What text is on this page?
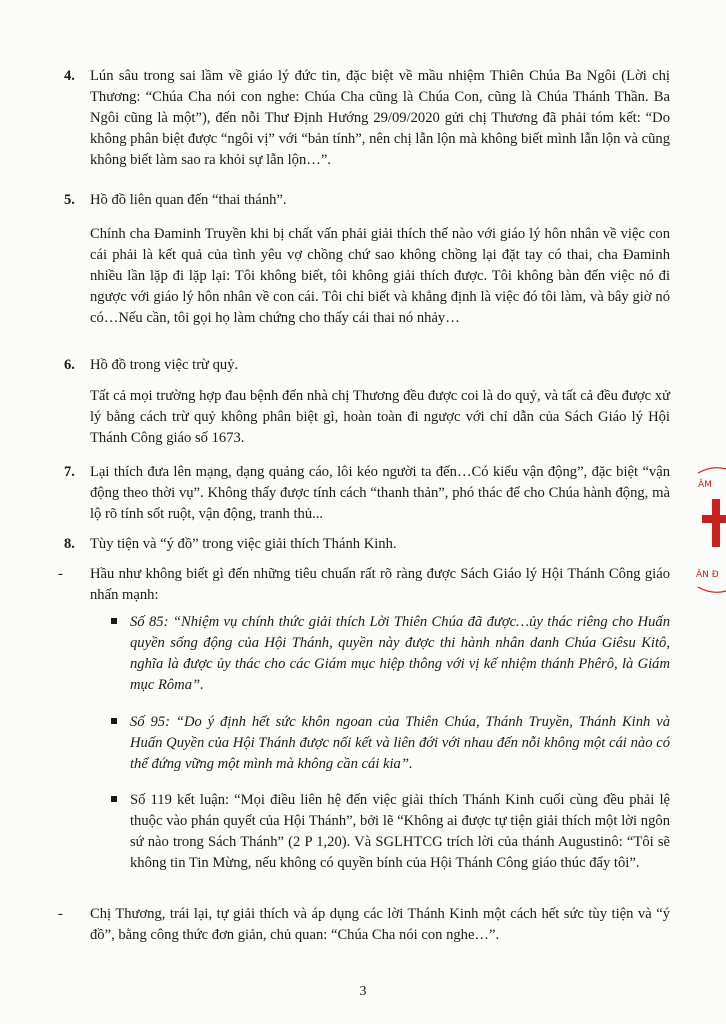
4.	Lún sâu trong sai lầm về giáo lý đức tin, đặc biệt về mầu nhiệm Thiên Chúa Ba Ngôi (Lời chị Thương: “Chúa Cha nói con nghe: Chúa Cha cũng là Chúa Con, cũng là Chúa Thánh Thần. Ba Ngôi cũng là một”), đến nỗi Thư Định Hướng 29/09/2020 gửi chị Thương đã phải tóm kết: “Do không phân biệt được “ngôi vị” với “bản tính”, nên chị lẫn lộn mà không biết mình lẫn lộn và cũng không biết làm sao ra khỏi sự lẫn lộn…”.
5.	Hồ đồ liên quan đến “thai thánh”.
Chính cha Đaminh Truyền khi bị chất vấn phải giải thích thế nào với giáo lý hôn nhân về việc con cái phải là kết quả của tình yêu vợ chồng chứ sao không chồng lại đặt tay có thai, cha Đaminh nhiều lần lặp đi lặp lại: Tôi không biết, tôi không giải thích được. Tôi không bàn đến việc nó đi ngược với giáo lý hôn nhân về con cái. Tôi chỉ biết và khẳng định là việc đó tôi làm, và bây giờ nó có…Nếu cần, tôi gọi họ làm chứng cho thấy cái thai nó nhảy…
6.	Hồ đồ trong việc trừ quỷ.
Tất cả mọi trường hợp đau bệnh đến nhà chị Thương đều được coi là do quỷ, và tất cả đều được xử lý bằng cách trừ quỷ không phân biệt gì, hoàn toàn đi ngược với chỉ dẫn của Sách Giáo lý Hội Thánh Công giáo số 1673.
7.	Lại thích đưa lên mạng, dạng quảng cáo, lôi kéo người ta đến…Có kiểu vận động”, đặc biệt “vận động theo thời vụ”. Không thấy được tính cách “thanh thản”, phó thác để cho Chúa hành động, mà lộ rõ tính sốt ruột, vận động, tranh thủ...
8.	Tùy tiện và “ý đồ” trong việc giải thích Thánh Kinh.
-	Hầu như không biết gì đến những tiêu chuẩn rất rõ ràng được Sách Giáo lý Hội Thánh Công giáo nhấn mạnh:
Số 85: “Nhiệm vụ chính thức giải thích Lời Thiên Chúa đã được…ủy thác riêng cho Huấn quyền sống động của Hội Thánh, quyền này được thi hành nhân danh Chúa Giêsu Kitô, nghĩa là được ủy thác cho các Giám mục hiệp thông với vị kế nhiệm thánh Phêrô, là Giám mục Rôma”.
Số 95: “Do ý định hết sức khôn ngoan của Thiên Chúa, Thánh Truyền, Thánh Kinh và Huấn Quyền của Hội Thánh được nối kết và liên đới với nhau đến nỗi không một cái nào có thể đứng vững một mình mà không cần cái kia”.
Số 119 kết luận: “Mọi điều liên hệ đến việc giải thích Thánh Kinh cuối cùng đều phải lệ thuộc vào phán quyết của Hội Thánh”, bởi lẽ “Không ai được tự tiện giải thích một lời ngôn sứ nào trong Sách Thánh” (2 P 1,20). Và SGLHTCG trích lời của thánh Augustinô: “Tôi sẽ không tin Tin Mừng, nếu không có quyền bính của Hội Thánh Công giáo thúc đẩy tôi”.
-	Chị Thương, trái lại, tự giải thích và áp dụng các lời Thánh Kinh một cách hết sức tùy tiện và “ý đồ”, bằng công thức đơn giản, chủ quan: “Chúa Cha nói con nghe…”.
3
ÂM
ÂN Đ
